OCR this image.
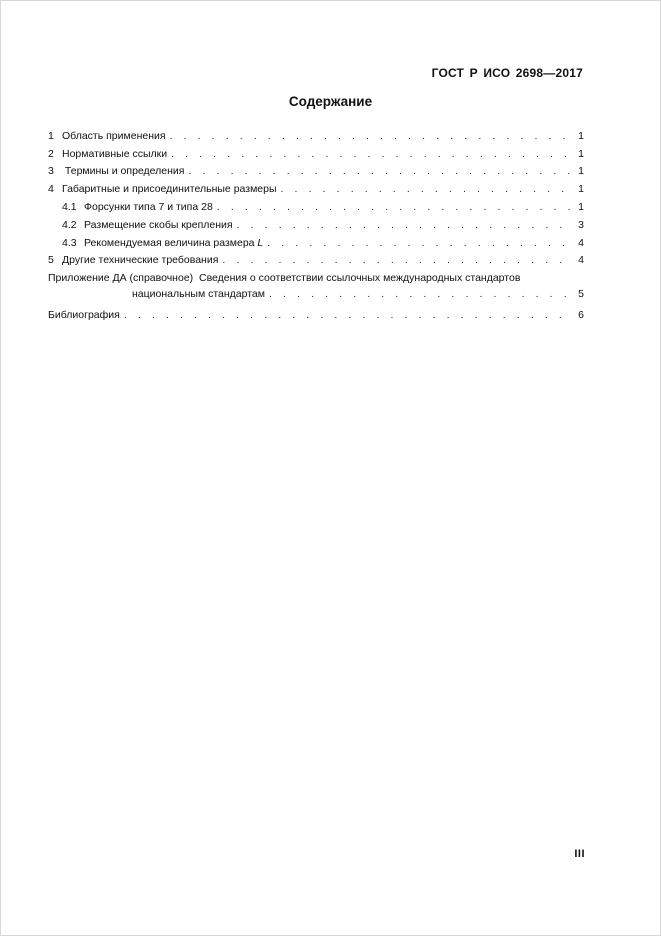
ГОСТ Р ИСО 2698—2017
Содержание
1 Область применения . . .	1
2 Нормативные ссылки . . .	1
3 Термины и определения . . .	1
4 Габаритные и присоединительные размеры . . .	1
4.1 Форсунки типа 7 и типа 28 . . .	1
4.2 Размещение скобы крепления . . .	3
4.3 Рекомендуемая величина размера L . . .	4
5 Другие технические требования . . .	4
Приложение ДА (справочное)  Сведения о соответствии ссылочных международных стандартов
национальным стандартам . . .	5
Библиография . . .	6
III
